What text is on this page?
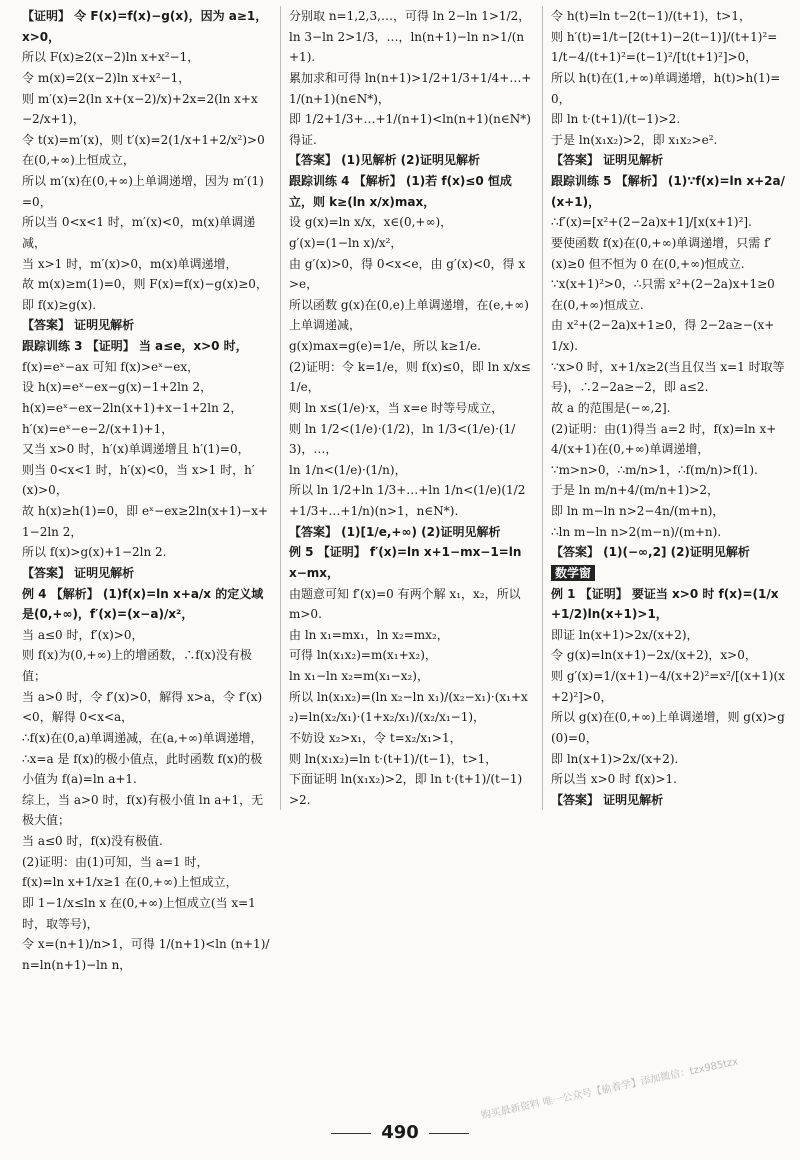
【证明】 令 F(x)=f(x)−g(x)，因为 a≥1，x>0，

所以 F(x)≥2(x−2)ln x+x²−1，

令 m(x)=2(x−2)ln x+x²−1，

则 m′(x)=2(ln x+(x−2)/x)+2x=2(ln x+x−2/x+1)，

令 t(x)=m′(x)，则 t′(x)=2(1/x+1+2/x²)>0 在(0,+∞)上恒成立，

所以 m′(x)在(0,+∞)上单调递增，因为 m′(1)=0，

所以当 0<x<1 时，m′(x)<0，m(x)单调递减，

当 x>1 时，m′(x)>0，m(x)单调递增，

故 m(x)≥m(1)=0，则 F(x)=f(x)−g(x)≥0，即 f(x)≥g(x).

【答案】 证明见解析

跟踪训练 3 【证明】 当 a≤e，x>0 时，

f(x)=eˣ−ax 可知 f(x)>eˣ−ex，

设 h(x)=eˣ−ex−g(x)−1+2ln 2，

h(x)=eˣ−ex−2ln(x+1)+x−1+2ln 2，

h′(x)=eˣ−e−2/(x+1)+1，

又当 x>0 时，h′(x)单调递增且 h′(1)=0，

则当 0<x<1 时，h′(x)<0，当 x>1 时，h′(x)>0，

故 h(x)≥h(1)=0，即 eˣ−ex≥2ln(x+1)−x+1−2ln 2，

所以 f(x)>g(x)+1−2ln 2.

【答案】 证明见解析

例 4 【解析】 (1)f(x)=ln x+a/x 的定义域是(0,+∞)，f′(x)=(x−a)/x²，

当 a≤0 时，f′(x)>0，

则 f(x)为(0,+∞)上的增函数，∴f(x)没有极值；

当 a>0 时，令 f′(x)>0，解得 x>a，令 f′(x)<0，解得 0<x<a，

∴f(x)在(0,a)单调递减，在(a,+∞)单调递增，

∴x=a 是 f(x)的极小值点，此时函数 f(x)的极小值为 f(a)=ln a+1.

综上，当 a>0 时，f(x)有极小值 ln a+1，无极大值；

当 a≤0 时，f(x)没有极值.

(2)证明：由(1)可知，当 a=1 时，

f(x)=ln x+1/x≥1 在(0,+∞)上恒成立，

即 1−1/x≤ln x 在(0,+∞)上恒成立(当 x=1 时，取等号)，

令 x=(n+1)/n>1，可得 1/(n+1)<ln (n+1)/n=ln(n+1)−ln n，

分别取 n=1,2,3,…，可得 ln 2−ln 1>1/2，ln 3−ln 2>1/3，…，ln(n+1)−ln n>1/(n+1).

累加求和可得 ln(n+1)>1/2+1/3+1/4+…+1/(n+1)(n∈N*)，

即 1/2+1/3+…+1/(n+1)<ln(n+1)(n∈N*)得证.

【答案】 (1)见解析 (2)证明见解析

跟踪训练 4 【解析】 (1)若 f(x)≤0 恒成立，则 k≥(ln x/x)max，

设 g(x)=ln x/x，x∈(0,+∞)，

g′(x)=(1−ln x)/x²，

由 g′(x)>0，得 0<x<e，由 g′(x)<0，得 x>e，

所以函数 g(x)在(0,e)上单调递增，在(e,+∞)上单调递减，

g(x)max=g(e)=1/e，所以 k≥1/e.

(2)证明：令 k=1/e，则 f(x)≤0，即 ln x/x≤1/e，

则 ln x≤(1/e)·x，当 x=e 时等号成立，

则 ln 1/2<(1/e)·(1/2)，ln 1/3<(1/e)·(1/3)，…，

ln 1/n<(1/e)·(1/n)，

所以 ln 1/2+ln 1/3+…+ln 1/n<(1/e)(1/2+1/3+…+1/n)(n>1，n∈N*).

【答案】 (1)[1/e,+∞) (2)证明见解析

例 5 【证明】 f′(x)=ln x+1−mx−1=ln x−mx，

由题意可知 f′(x)=0 有两个解 x₁，x₂，所以 m>0.

由 ln x₁=mx₁，ln x₂=mx₂，

可得 ln(x₁x₂)=m(x₁+x₂)，

ln x₁−ln x₂=m(x₁−x₂)，

所以 ln(x₁x₂)=(ln x₂−ln x₁)/(x₂−x₁)·(x₁+x₂)=ln(x₂/x₁)·(1+x₂/x₁)/(x₂/x₁−1)，

不妨设 x₂>x₁，令 t=x₂/x₁>1，

则 ln(x₁x₂)=ln t·(t+1)/(t−1)，t>1，

下面证明 ln(x₁x₂)>2，即 ln t·(t+1)/(t−1)>2.

令 h(t)=ln t−2(t−1)/(t+1)，t>1，

则 h′(t)=1/t−[2(t+1)−2(t−1)]/(t+1)²=1/t−4/(t+1)²=(t−1)²/[t(t+1)²]>0，

所以 h(t)在(1,+∞)单调递增，h(t)>h(1)=0，

即 ln t·(t+1)/(t−1)>2.

于是 ln(x₁x₂)>2，即 x₁x₂>e².

【答案】 证明见解析

跟踪训练 5 【解析】 (1)∵f(x)=ln x+2a/(x+1)，

∴f′(x)=[x²+(2−2a)x+1]/[x(x+1)²].

要使函数 f(x)在(0,+∞)单调递增，只需 f′(x)≥0 但不恒为 0 在(0,+∞)恒成立.

∵x(x+1)²>0，∴只需 x²+(2−2a)x+1≥0 在(0,+∞)恒成立.

由 x²+(2−2a)x+1≥0，得 2−2a≥−(x+1/x).

∵x>0 时，x+1/x≥2(当且仅当 x=1 时取等号)，∴2−2a≥−2，即 a≤2.

故 a 的范围是(−∞,2].

(2)证明：由(1)得当 a=2 时，f(x)=ln x+4/(x+1)在(0,+∞)单调递增，

∵m>n>0，∴m/n>1，∴f(m/n)>f(1).

于是 ln m/n+4/(m/n+1)>2，

即 ln m−ln n>2−4n/(m+n)，

∴ln m−ln n>2(m−n)/(m+n).

【答案】 (1)(−∞,2] (2)证明见解析

数学窗

例 1 【证明】 要证当 x>0 时 f(x)=(1/x+1/2)ln(x+1)>1，

即证 ln(x+1)>2x/(x+2)，

令 g(x)=ln(x+1)−2x/(x+2)，x>0，

则 g′(x)=1/(x+1)−4/(x+2)²=x²/[(x+1)(x+2)²]>0，

所以 g(x)在(0,+∞)上单调递增，则 g(x)>g(0)=0，

即 ln(x+1)>2x/(x+2).

所以当 x>0 时 f(x)>1.

【答案】 证明见解析

490
购买最新资料 唯一公众号【偷着学】添加微信：tzx985tzx
